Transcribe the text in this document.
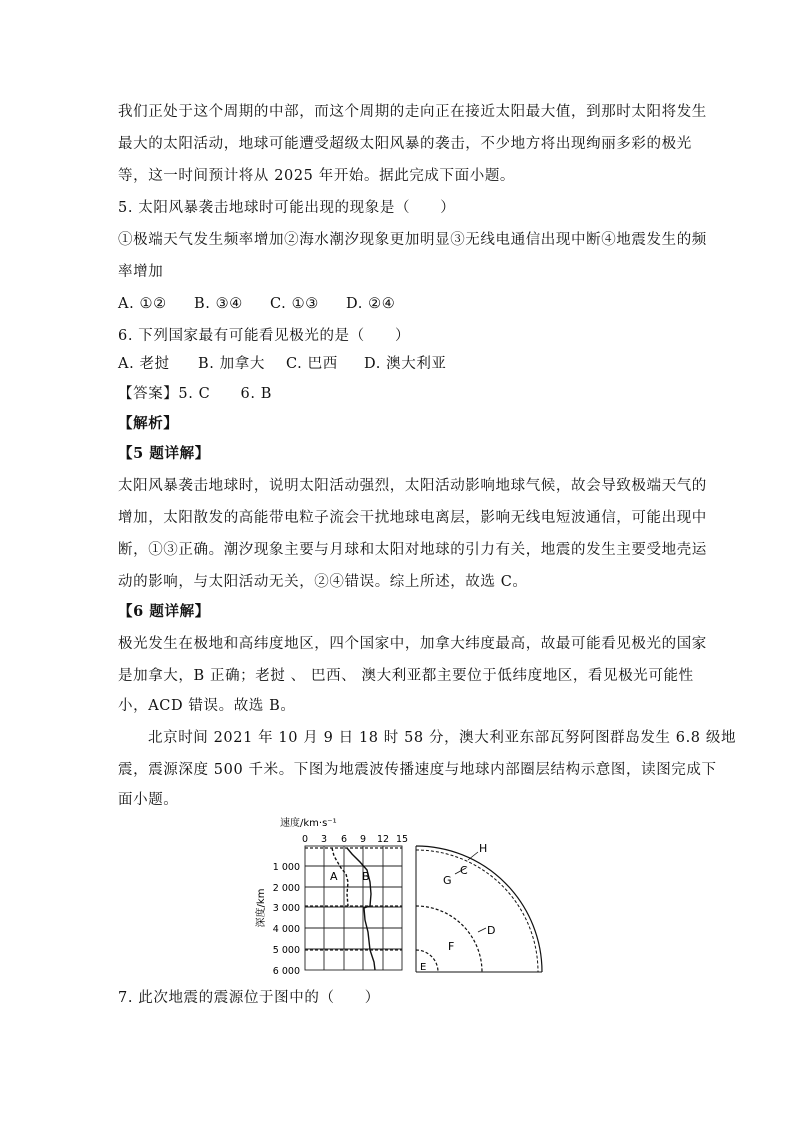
我们正处于这个周期的中部，而这个周期的走向正在接近太阳最大值，到那时太阳将发生
最大的太阳活动，地球可能遭受超级太阳风暴的袭击，不少地方将出现绚丽多彩的极光
等，这一时间预计将从 2025 年开始。据此完成下面小题。
5. 太阳风暴袭击地球时可能出现的现象是（　　）
①极端天气发生频率增加②海水潮汐现象更加明显③无线电通信出现中断④地震发生的频
率增加
A. ①② B. ③④ C. ①③ D. ②④
6. 下列国家最有可能看见极光的是（　　）
A. 老挝 B. 加拿大 C. 巴西 D. 澳大利亚
【答案】5. C　　6. B
【解析】
【5 题详解】
太阳风暴袭击地球时，说明太阳活动强烈，太阳活动影响地球气候，故会导致极端天气的
增加，太阳散发的高能带电粒子流会干扰地球电离层，影响无线电短波通信，可能出现中
断，①③正确。潮汐现象主要与月球和太阳对地球的引力有关，地震的发生主要受地壳运
动的影响，与太阳活动无关，②④错误。综上所述，故选 C。
【6 题详解】
极光发生在极地和高纬度地区，四个国家中，加拿大纬度最高，故最可能看见极光的国家
是加拿大，B 正确；老挝 、 巴西、 澳大利亚都主要位于低纬度地区，看见极光可能性
小，ACD 错误。故选 B。
北京时间 2021 年 10 月 9 日 18 时 58 分，澳大利亚东部瓦努阿图群岛发生 6.8 级地
震，震源深度 500 千米。下图为地震波传播速度与地球内部圈层结构示意图，读图完成下
面小题。
速度/km·s⁻¹
0 3 6 9 12 15
深度/km
1 000
2 000
3 000
4 000
5 000
6 000
A B
H
C
G
D
F
E
7. 此次地震的震源位于图中的（　　）
